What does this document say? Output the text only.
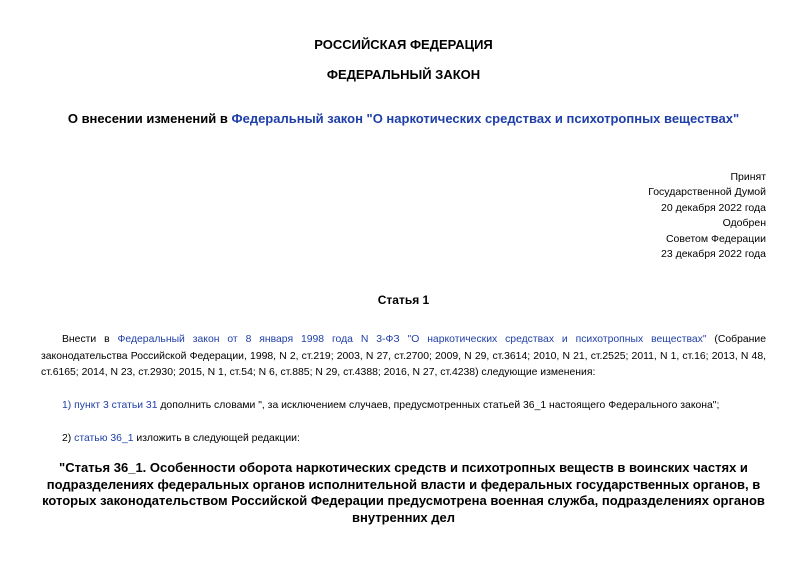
РОССИЙСКАЯ ФЕДЕРАЦИЯ
ФЕДЕРАЛЬНЫЙ ЗАКОН
О внесении изменений в Федеральный закон "О наркотических средствах и психотропных веществах"
Принят
Государственной Думой
20 декабря 2022 года
Одобрен
Советом Федерации
23 декабря 2022 года
Статья 1
Внести в Федеральный закон от 8 января 1998 года N 3-ФЗ "О наркотических средствах и психотропных веществах" (Собрание законодательства Российской Федерации, 1998, N 2, ст.219; 2003, N 27, ст.2700; 2009, N 29, ст.3614; 2010, N 21, ст.2525; 2011, N 1, ст.16; 2013, N 48, ст.6165; 2014, N 23, ст.2930; 2015, N 1, ст.54; N 6, ст.885; N 29, ст.4388; 2016, N 27, ст.4238) следующие изменения:
1) пункт 3 статьи 31 дополнить словами ", за исключением случаев, предусмотренных статьей 36_1 настоящего Федерального закона";
2) статью 36_1 изложить в следующей редакции:
"Статья 36_1. Особенности оборота наркотических средств и психотропных веществ в воинских частях и подразделениях федеральных органов исполнительной власти и федеральных государственных органов, в которых законодательством Российской Федерации предусмотрена военная служба, подразделениях органов внутренних дел
